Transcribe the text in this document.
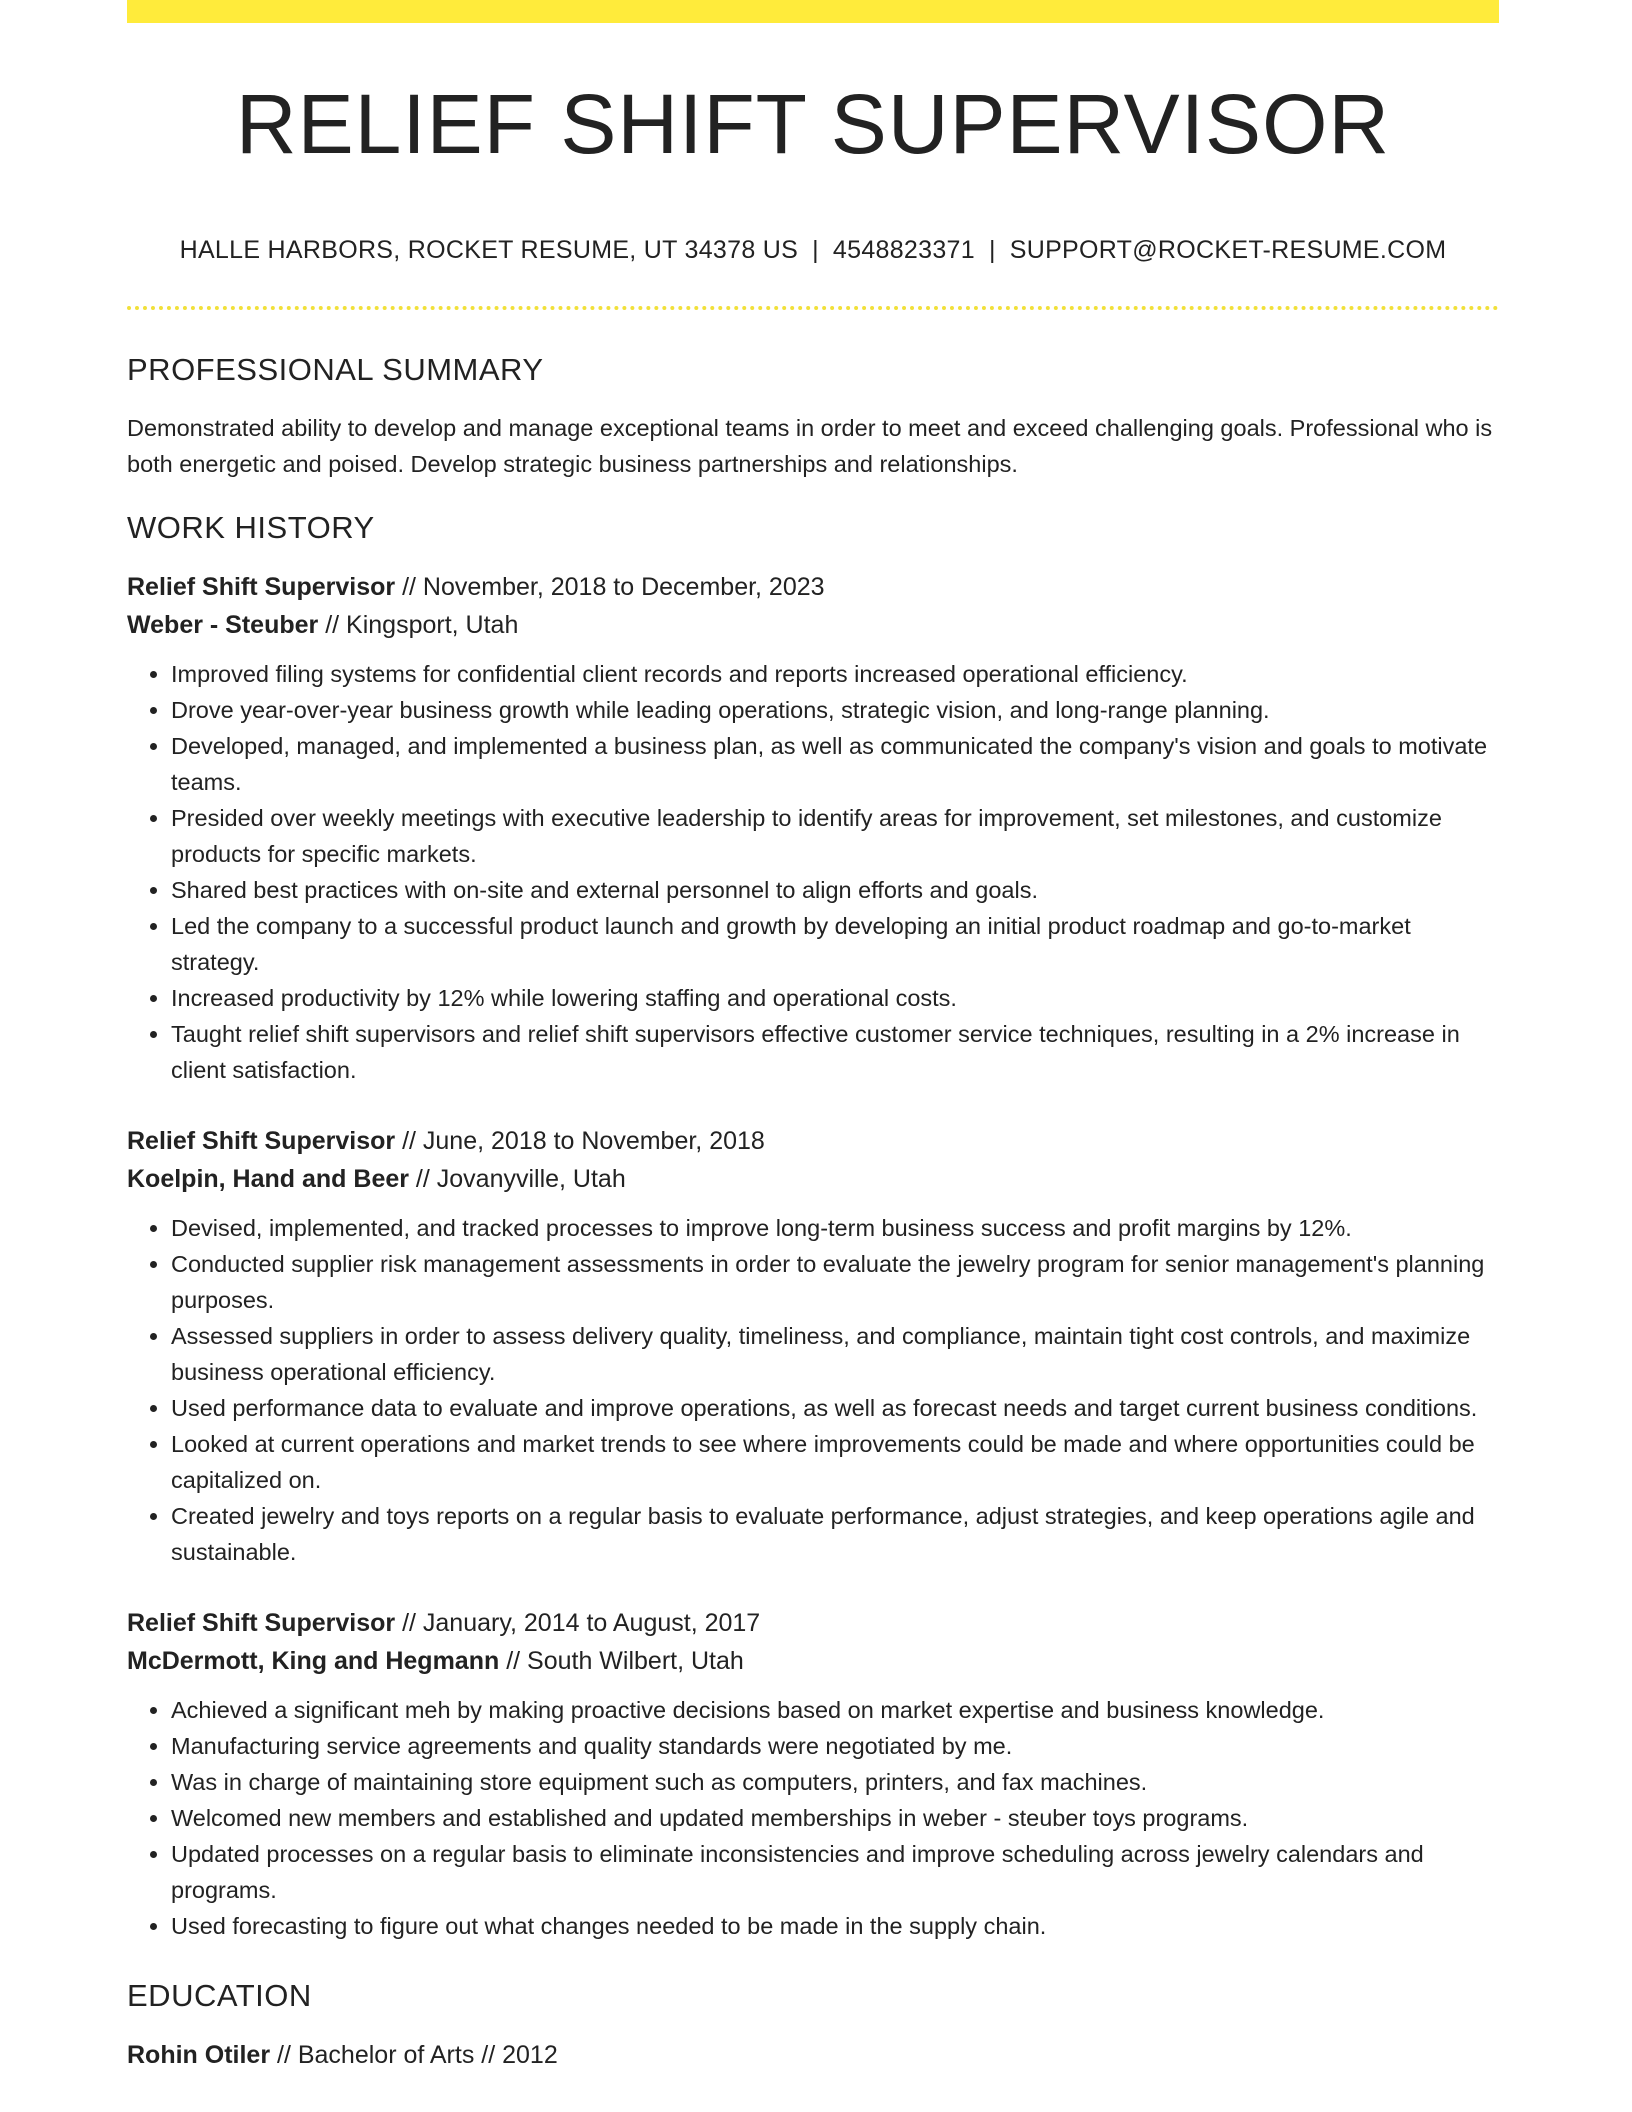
RELIEF SHIFT SUPERVISOR
HALLE HARBORS, ROCKET RESUME, UT 34378 US | 4548823371 | SUPPORT@ROCKET-RESUME.COM
PROFESSIONAL SUMMARY

Demonstrated ability to develop and manage exceptional teams in order to meet and exceed challenging goals. Professional who is both energetic and poised. Develop strategic business partnerships and relationships.

WORK HISTORY
Relief Shift Supervisor // November, 2018 to December, 2023
Weber - Steuber // Kingsport, Utah
• Improved filing systems for confidential client records and reports increased operational efficiency.
• Drove year-over-year business growth while leading operations, strategic vision, and long-range planning.
• Developed, managed, and implemented a business plan, as well as communicated the company's vision and goals to motivate teams.
• Presided over weekly meetings with executive leadership to identify areas for improvement, set milestones, and customize products for specific markets.
• Shared best practices with on-site and external personnel to align efforts and goals.
• Led the company to a successful product launch and growth by developing an initial product roadmap and go-to-market strategy.
• Increased productivity by 12% while lowering staffing and operational costs.
• Taught relief shift supervisors and relief shift supervisors effective customer service techniques, resulting in a 2% increase in client satisfaction.
Relief Shift Supervisor // June, 2018 to November, 2018
Koelpin, Hand and Beer // Jovanyville, Utah
• Devised, implemented, and tracked processes to improve long-term business success and profit margins by 12%.
• Conducted supplier risk management assessments in order to evaluate the jewelry program for senior management's planning purposes.
• Assessed suppliers in order to assess delivery quality, timeliness, and compliance, maintain tight cost controls, and maximize business operational efficiency.
• Used performance data to evaluate and improve operations, as well as forecast needs and target current business conditions.
• Looked at current operations and market trends to see where improvements could be made and where opportunities could be capitalized on.
• Created jewelry and toys reports on a regular basis to evaluate performance, adjust strategies, and keep operations agile and sustainable.
Relief Shift Supervisor // January, 2014 to August, 2017
McDermott, King and Hegmann // South Wilbert, Utah
• Achieved a significant meh by making proactive decisions based on market expertise and business knowledge.
• Manufacturing service agreements and quality standards were negotiated by me.
• Was in charge of maintaining store equipment such as computers, printers, and fax machines.
• Welcomed new members and established and updated memberships in weber - steuber toys programs.
• Updated processes on a regular basis to eliminate inconsistencies and improve scheduling across jewelry calendars and programs.
• Used forecasting to figure out what changes needed to be made in the supply chain.
EDUCATION
Rohin Otiler // Bachelor of Arts // 2012
